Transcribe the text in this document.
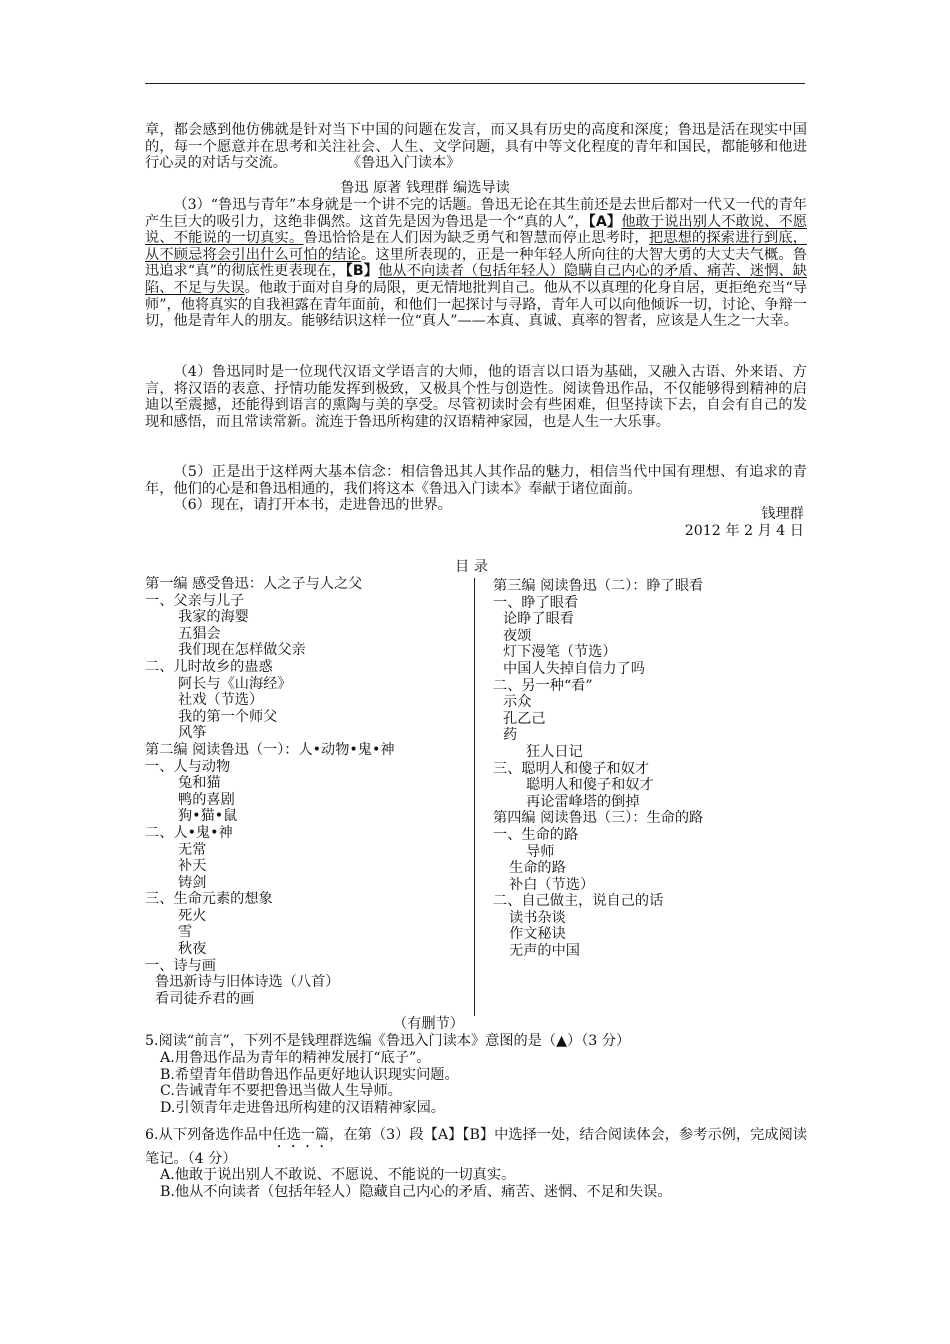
章，都会感到他仿佛就是针对当下中国的问题在发言，而又具有历史的高度和深度；鲁迅是活在现实中国的，每一个愿意并在思考和关注社会、人生、文学问题，具有中等文化程度的青年和国民，都能够和他进行心灵的对话与交流。	《鲁迅入门读本》

鲁迅 原著 钱理群 编选导读

（3）“鲁迅与青年”本身就是一个讲不完的话题。鲁迅无论在其生前还是去世后都对一代又一代的青年产生巨大的吸引力，这绝非偶然。这首先是因为鲁迅是一个“真的人”，【A】他敢于说出别人不敢说、不愿说、不能说的一切真实。鲁迅恰恰是在人们因为缺乏勇气和智慧而停止思考时，把思想的探索进行到底，从不顾忌将会引出什么可怕的结论。这里所表现的，正是一种年轻人所向往的大智大勇的大丈夫气概。鲁迅追求“真”的彻底性更表现在，【B】他从不向读者（包括年轻人）隐瞒自己内心的矛盾、痛苦、迷惘、缺陷、不足与失误。他敢于面对自身的局限，更无情地批判自己。他从不以真理的化身自居，更拒绝充当“导师”，他将真实的自我袒露在青年面前，和他们一起探讨与寻路，青年人可以向他倾诉一切，讨论、争辩一切，他是青年人的朋友。能够结识这样一位“真人”——本真、真诚、真率的智者，应该是人生之一大幸。

（4）鲁迅同时是一位现代汉语文学语言的大师，他的语言以口语为基础，又融入古语、外来语、方言，将汉语的表意、抒情功能发挥到极致，又极具个性与创造性。阅读鲁迅作品，不仅能够得到精神的启迪以至震撼，还能得到语言的熏陶与美的享受。尽管初读时会有些困难，但坚持读下去，自会有自己的发现和感悟，而且常读常新。流连于鲁迅所构建的汉语精神家园，也是人生一大乐事。

（5）正是出于这样两大基本信念：相信鲁迅其人其作品的魅力，相信当代中国有理想、有追求的青年，他们的心是和鲁迅相通的，我们将这本《鲁迅入门读本》奉献于诸位面前。

（6）现在，请打开本书，走进鲁迅的世界。

钱理群
2012 年 2 月 4 日
目 录
第一编 感受鲁迅：人之子与人之父
一、父亲与儿子
我家的海婴
五猖会
我们现在怎样做父亲
二、儿时故乡的蛊惑
阿长与《山海经》
社戏（节选）
我的第一个师父
风筝
第二编 阅读鲁迅（一）：人•动物•鬼•神
一、人与动物
兔和猫
鸭的喜剧
狗•猫•鼠
二、人•鬼•神
无常
补天
铸剑
三、生命元素的想象
死火
雪
秋夜
一、诗与画
鲁迅新诗与旧体诗选（八首）
看司徒乔君的画
第三编 阅读鲁迅（二）：睁了眼看
一、睁了眼看
论睁了眼看
夜颂
灯下漫笔（节选）
中国人失掉自信力了吗
二、另一种“看”
示众
孔乙己
药
狂人日记
三、聪明人和傻子和奴才
聪明人和傻子和奴才
再论雷峰塔的倒掉
第四编 阅读鲁迅（三）：生命的路
一、生命的路
导师
生命的路
补白（节选）
二、自己做主，说自己的话
读书杂谈
作文秘诀
无声的中国
（有删节）
5.阅读“前言”，下列不是钱理群选编《鲁迅入门读本》意图的是（▲）（3 分）
A.用鲁迅作品为青年的精神发展打“底子”。
B.希望青年借助鲁迅作品更好地认识现实问题。
C.告诫青年不要把鲁迅当做人生导师。
D.引领青年走进鲁迅所构建的汉语精神家园。

6.从下列备选作品中任选一篇，在第（3）段【A】【B】中选择一处，结合阅读体会，参考示例，完成阅读笔记。（4 分）

A.他敢于说出别人不敢说、不愿说、不能说的一切真实。
B.他从不向读者（包括年轻人）隐藏自己内心的矛盾、痛苦、迷惘、不足和失误。
